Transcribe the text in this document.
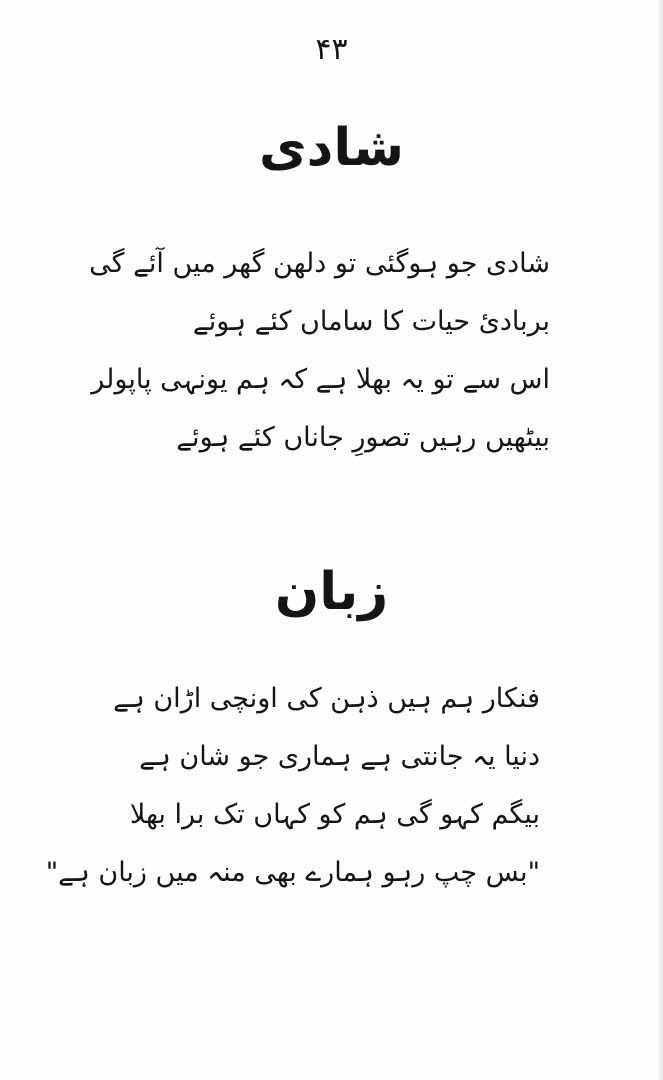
۴۳
شادی
شادی جو ہوگئی تو دلھن گھر میں آئے گی
بربادیٔ حیات کا ساماں کئے ہوئے
اس سے تو یہ بھلا ہے کہ ہم یونہی پاپولر
بیٹھیں رہیں تصورِ جاناں کئے ہوئے
زبان
فنکار ہم ہیں ذہن کی اونچی اڑان ہے
دنیا یہ جانتی ہے ہماری جو شان ہے
بیگم کہو گی ہم کو کہاں تک برا بھلا
"بس چپ رہو ہمارے بھی منہ میں زبان ہے"
